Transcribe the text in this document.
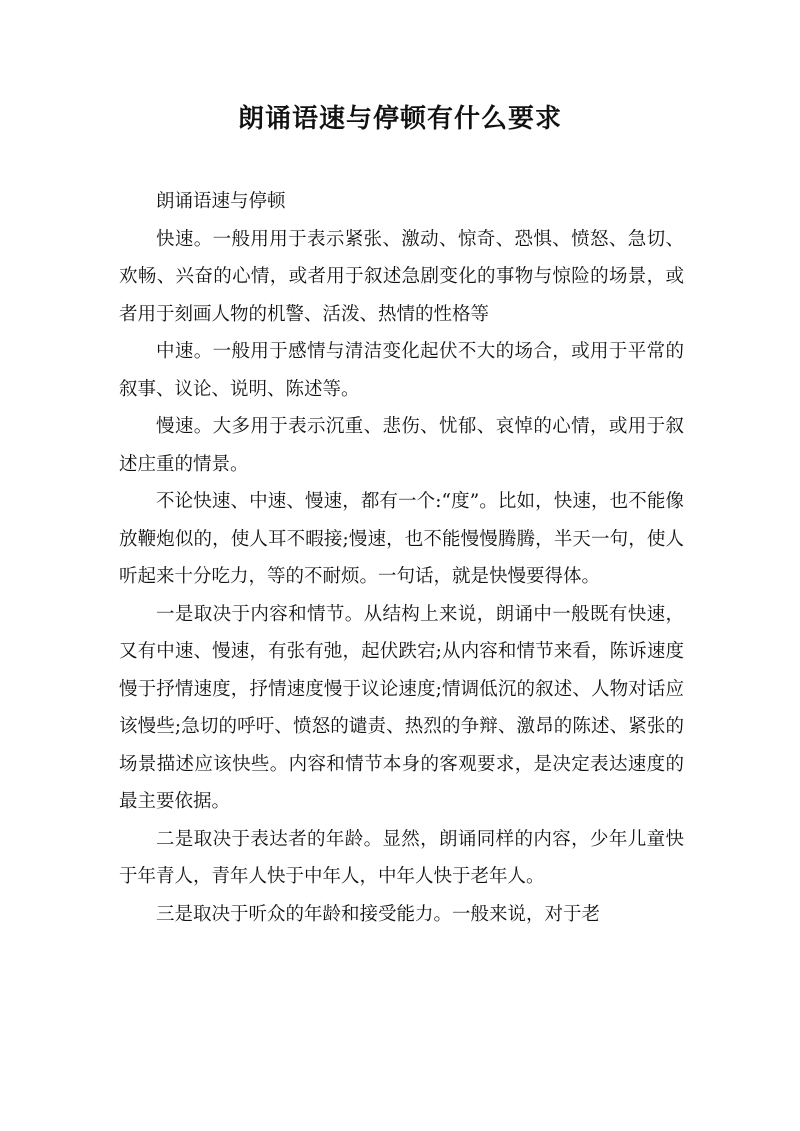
朗诵语速与停顿有什么要求

朗诵语速与停顿

快速。一般用用于表示紧张、激动、惊奇、恐惧、愤怒、急切、欢畅、兴奋的心情，或者用于叙述急剧变化的事物与惊险的场景，或者用于刻画人物的机警、活泼、热情的性格等

中速。一般用于感情与清洁变化起伏不大的场合，或用于平常的叙事、议论、说明、陈述等。

慢速。大多用于表示沉重、悲伤、忧郁、哀悼的心情，或用于叙述庄重的情景。

不论快速、中速、慢速，都有一个:“度”。比如，快速，也不能像放鞭炮似的，使人耳不暇接;慢速，也不能慢慢腾腾，半天一句，使人听起来十分吃力，等的不耐烦。一句话，就是快慢要得体。

一是取决于内容和情节。从结构上来说，朗诵中一般既有快速，又有中速、慢速，有张有弛，起伏跌宕;从内容和情节来看，陈诉速度慢于抒情速度，抒情速度慢于议论速度;情调低沉的叙述、人物对话应该慢些;急切的呼吁、愤怒的谴责、热烈的争辩、激昂的陈述、紧张的场景描述应该快些。内容和情节本身的客观要求，是决定表达速度的最主要依据。

二是取决于表达者的年龄。显然，朗诵同样的内容，少年儿童快于年青人，青年人快于中年人，中年人快于老年人。

三是取决于听众的年龄和接受能力。一般来说，对于老
